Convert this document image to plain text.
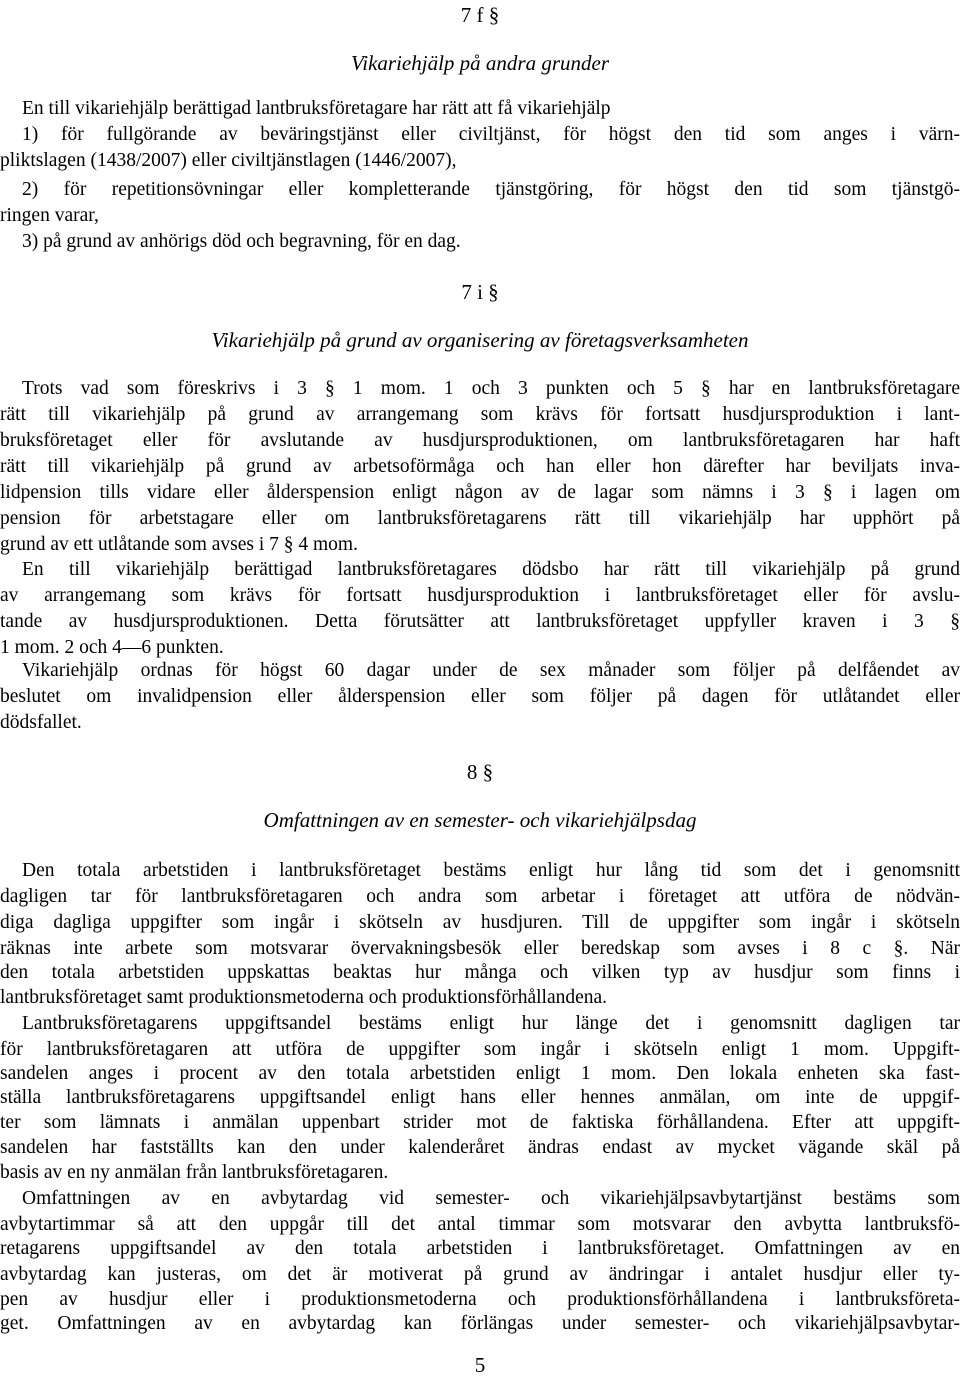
7 f §
Vikariehjälp på andra grunder
En till vikariehjälp berättigad lantbruksföretagare har rätt att få vikariehjälp
1) för fullgörande av beväringstjänst eller civiltjänst, för högst den tid som anges i värn-
pliktslagen (1438/2007) eller civiltjänstlagen (1446/2007),
2) för repetitionsövningar eller kompletterande tjänstgöring, för högst den tid som tjänstgö-
ringen varar,
3) på grund av anhörigs död och begravning, för en dag.
7 i §
Vikariehjälp på grund av organisering av företagsverksamheten
Trots vad som föreskrivs i 3 § 1 mom. 1 och 3 punkten och 5 § har en lantbruksföretagare
rätt till vikariehjälp på grund av arrangemang som krävs för fortsatt husdjursproduktion i lant-
bruksföretaget eller för avslutande av husdjursproduktionen, om lantbruksföretagaren har haft
rätt till vikariehjälp på grund av arbetsoförmåga och han eller hon därefter har beviljats inva-
lidpension tills vidare eller ålderspension enligt någon av de lagar som nämns i 3 § i lagen om
pension för arbetstagare eller om lantbruksföretagarens rätt till vikariehjälp har upphört på
grund av ett utlåtande som avses i 7 § 4 mom.
En till vikariehjälp berättigad lantbruksföretagares dödsbo har rätt till vikariehjälp på grund
av arrangemang som krävs för fortsatt husdjursproduktion i lantbruksföretaget eller för avslu-
tande av husdjursproduktionen. Detta förutsätter att lantbruksföretaget uppfyller kraven i 3 §
1 mom. 2 och 4—6 punkten.
Vikariehjälp ordnas för högst 60 dagar under de sex månader som följer på delfåendet av
beslutet om invalidpension eller ålderspension eller som följer på dagen för utlåtandet eller
dödsfallet.
8 §
Omfattningen av en semester- och vikariehjälpsdag
Den totala arbetstiden i lantbruksföretaget bestäms enligt hur lång tid som det i genomsnitt
dagligen tar för lantbruksföretagaren och andra som arbetar i företaget att utföra de nödvän-
diga dagliga uppgifter som ingår i skötseln av husdjuren. Till de uppgifter som ingår i skötseln
räknas inte arbete som motsvarar övervakningsbesök eller beredskap som avses i 8 c §. När
den totala arbetstiden uppskattas beaktas hur många och vilken typ av husdjur som finns i
lantbruksföretaget samt produktionsmetoderna och produktionsförhållandena.
Lantbruksföretagarens uppgiftsandel bestäms enligt hur länge det i genomsnitt dagligen tar
för lantbruksföretagaren att utföra de uppgifter som ingår i skötseln enligt 1 mom. Uppgift-
sandelen anges i procent av den totala arbetstiden enligt 1 mom. Den lokala enheten ska fast-
ställa lantbruksföretagarens uppgiftsandel enligt hans eller hennes anmälan, om inte de uppgif-
ter som lämnats i anmälan uppenbart strider mot de faktiska förhållandena. Efter att uppgift-
sandelen har fastställts kan den under kalenderåret ändras endast av mycket vägande skäl på
basis av en ny anmälan från lantbruksföretagaren.
Omfattningen av en avbytardag vid semester- och vikariehjälpsavbytartjänst bestäms som
avbytartimmar så att den uppgår till det antal timmar som motsvarar den avbytta lantbruksfö-
retagarens uppgiftsandel av den totala arbetstiden i lantbruksföretaget. Omfattningen av en
avbytardag kan justeras, om det är motiverat på grund av ändringar i antalet husdjur eller ty-
pen av husdjur eller i produktionsmetoderna och produktionsförhållandena i lantbruksföreta-
get. Omfattningen av en avbytardag kan förlängas under semester- och vikariehjälpsavbytar-
5
